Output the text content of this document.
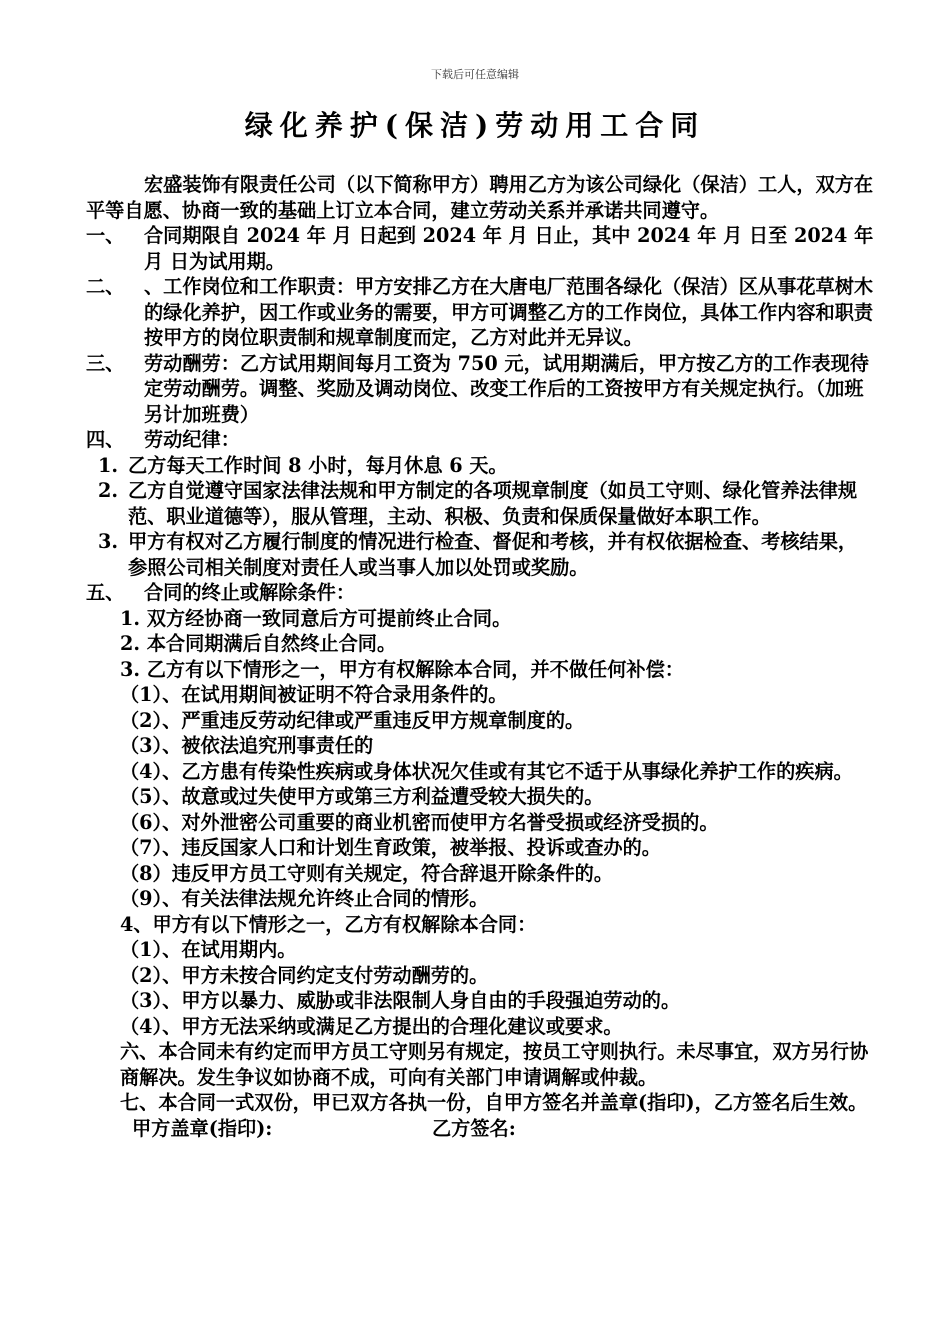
下载后可任意编辑
绿化养护(保洁)劳动用工合同

宏盛装饰有限责任公司（以下简称甲方）聘用乙方为该公司绿化（保洁）工人，双方在平等自愿、协商一致的基础上订立本合同，建立劳动关系并承诺共同遵守。

一、 合同期限自 2024 年 月 日起到 2024 年 月 日止，其中 2024 年 月 日至 2024 年 月 日为试用期。
二、 、工作岗位和工作职责：甲方安排乙方在大唐电厂范围各绿化（保洁）区从事花草树木的绿化养护，因工作或业务的需要，甲方可调整乙方的工作岗位，具体工作内容和职责按甲方的岗位职责制和规章制度而定，乙方对此并无异议。
三、 劳动酬劳：乙方试用期间每月工资为 750 元，试用期满后，甲方按乙方的工作表现待定劳动酬劳。调整、奖励及调动岗位、改变工作后的工资按甲方有关规定执行。（加班另计加班费）
四、 劳动纪律：
1. 乙方每天工作时间 8 小时，每月休息 6 天。
2. 乙方自觉遵守国家法律法规和甲方制定的各项规章制度（如员工守则、绿化管养法律规范、职业道德等），服从管理，主动、积极、负责和保质保量做好本职工作。
3. 甲方有权对乙方履行制度的情况进行检查、督促和考核，并有权依据检查、考核结果，参照公司相关制度对责任人或当事人加以处罚或奖励。
五、 合同的终止或解除条件：

1. 双方经协商一致同意后方可提前终止合同。

2. 本合同期满后自然终止合同。

3. 乙方有以下情形之一，甲方有权解除本合同，并不做任何补偿：

（1）、在试用期间被证明不符合录用条件的。

（2）、严重违反劳动纪律或严重违反甲方规章制度的。

（3）、被依法追究刑事责任的

（4）、乙方患有传染性疾病或身体状况欠佳或有其它不适于从事绿化养护工作的疾病。

（5）、故意或过失使甲方或第三方利益遭受较大损失的。

（6）、对外泄密公司重要的商业机密而使甲方名誉受损或经济受损的。

（7）、违反国家人口和计划生育政策，被举报、投诉或查办的。

（8）违反甲方员工守则有关规定，符合辞退开除条件的。

（9）、有关法律法规允许终止合同的情形。

4、甲方有以下情形之一，乙方有权解除本合同：

（1）、在试用期内。

（2）、甲方未按合同约定支付劳动酬劳的。

（3）、甲方以暴力、威胁或非法限制人身自由的手段强迫劳动的。

（4）、甲方无法采纳或满足乙方提出的合理化建议或要求。

六、本合同未有约定而甲方员工守则另有规定，按员工守则执行。未尽事宜，双方另行协商解决。发生争议如协商不成，可向有关部门申请调解或仲裁。

七、本合同一式双份，甲已双方各执一份，自甲方签名并盖章(指印)，乙方签名后生效。

甲方盖章(指印):	乙方签名:
